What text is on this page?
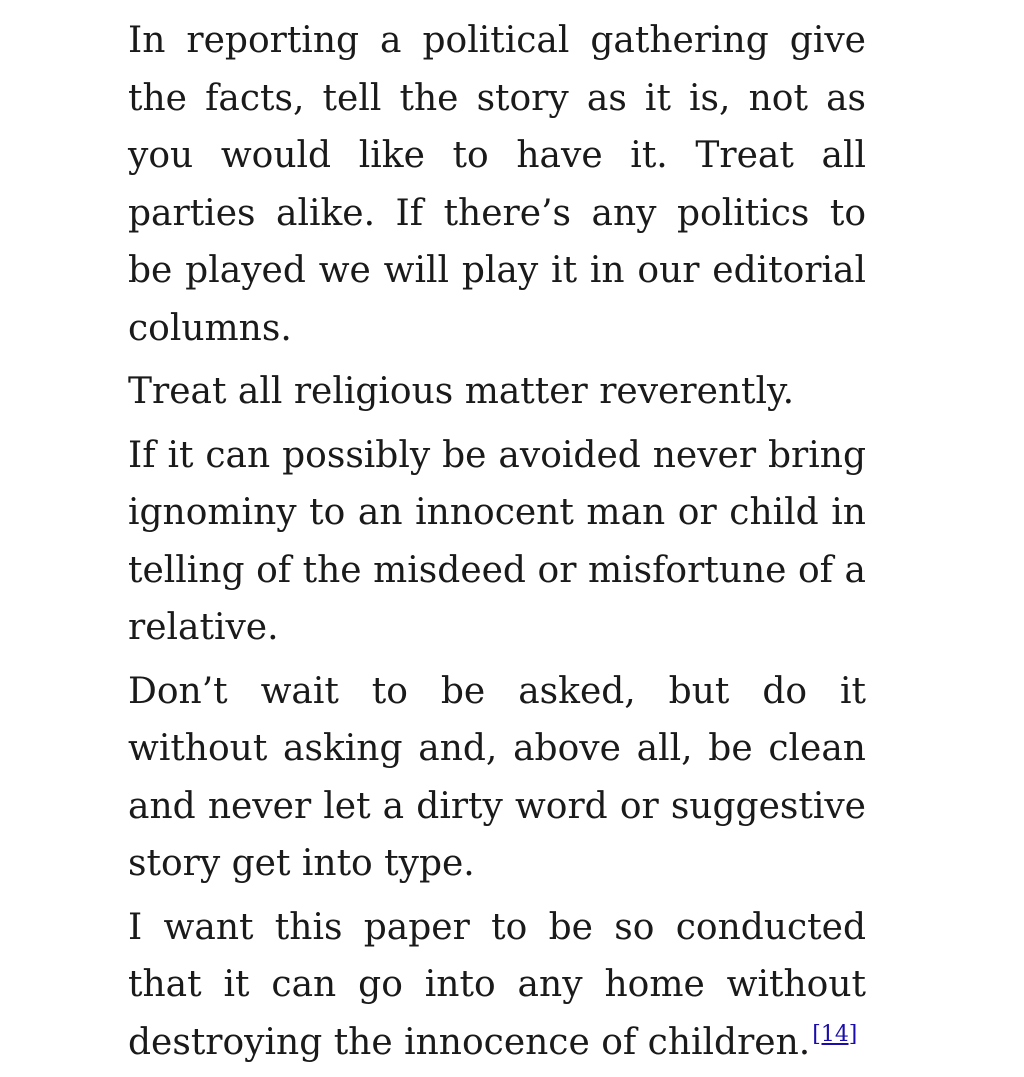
In reporting a political gathering give the facts, tell the story as it is, not as you would like to have it. Treat all parties alike. If there’s any politics to be played we will play it in our editorial columns.

Treat all religious matter reverently.

If it can possibly be avoided never bring ignominy to an innocent man or child in telling of the misdeed or misfortune of a relative.

Don’t wait to be asked, but do it without asking and, above all, be clean and never let a dirty word or suggestive story get into type.

I want this paper to be so conducted that it can go into any home without destroying the innocence of children.[14]
